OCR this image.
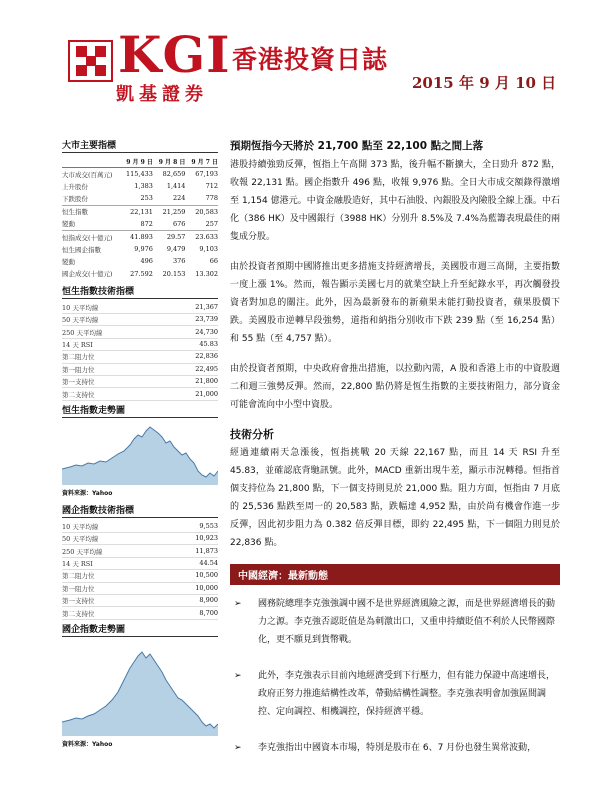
KGI
凱基證券
香港投資日誌
2015 年 9 月 10 日
大市主要指標
	9 月 9 日	9 月 8 日	9 月 7 日
大市成交(百萬元)	115,433	82,659	67,193
上升股份	1,383	1,414	712
下跌股份	253	224	778
恒生指數	22,131	21,259	20,583
變動	872	676	257
恒指成交(十億元)	41.893	29.57	23.633
恒生國企指數	9,976	9,479	9,103
變動	496	376	66
國企成交(十億元)	27.592	20.153	13.302
恒生指數技術指標
10 天平均線	21,367
50 天平均線	23,739
250 天平均線	24,730
14 天 RSI	45.83
第二阻力位	22,836
第一阻力位	22,495
第一支持位	21,800
第二支持位	21,000
恒生指數走勢圖
資料來源：Yahoo
國企指數技術指標
10 天平均線	9,553
50 天平均線	10,923
250 天平均線	11,873
14 天 RSI	44.54
第二阻力位	10,500
第一阻力位	10,000
第一支持位	8,900
第二支持位	8,700
國企指數走勢圖
資料來源：Yahoo
預期恆指今天將於 21,700 點至 22,100 點之間上落

港股持續強勁反彈，恆指上午高開 373 點，後升幅不斷擴大，全日勁升 872 點，收報 22,131 點。國企指數升 496 點，收報 9,976 點。全日大市成交額錄得激增至 1,154 億港元。中資金融股造好，其中石油股、內銀股及內險股全線上漲。中石化（386 HK）及中國銀行（3988 HK）分別升 8.5%及 7.4%為藍籌表現最佳的兩隻成分股。

由於投資者預期中國將推出更多措施支持經濟增長，美國股市週三高開，主要指數一度上漲 1%。然而，報告顯示美國七月的就業空缺上升至紀錄水平，再次觸發投資者對加息的關注。此外，因為最新發布的新蘋果未能打動投資者，蘋果股價下跌。美國股市逆轉早段強勢，道指和納指分別收市下跌 239 點（至 16,254 點）和 55 點（至 4,757 點）。

由於投資者預期，中央政府會推出措施，以拉動內需，A 股和香港上市的中資股週二和週三強勢反彈。然而，22,800 點仍將是恆生指數的主要技術阻力，部分資金可能會流向中小型中資股。

技術分析

經過連續兩天急漲後，恆指挑戰 20 天線 22,167 點，而且 14 天 RSI 升至 45.83，並確認底背馳訊號。此外，MACD 重新出現牛差，顯示市況轉穩。恒指首個支持位為 21,800 點，下一個支持則見於 21,000 點。阻力方面，恒指由 7 月底的 25,536 點跌至周一的 20,583 點，跌幅達 4,952 點，由於尚有機會作進一步反彈，因此初步阻力為 0.382 倍反彈目標，即約 22,495 點，下一個阻力則見於 22,836 點。

中國經濟：最新動態
➢	國務院總理李克強強調中國不是世界經濟風險之源，而是世界經濟增長的動力之源。李克強否認貶值是為刺激出口，又重申持續貶值不利於人民幣國際化，更不願見到貨幣戰。
➢	此外，李克強表示目前內地經濟受到下行壓力，但有能力保證中高速增長，政府正努力推進結構性改革，帶動結構性調整。李克強表明會加強區間調控、定向調控、相機調控，保持經濟平穩。
➢	李克強指出中國資本市場，特別是股市在 6、7 月份也發生異常波動，
